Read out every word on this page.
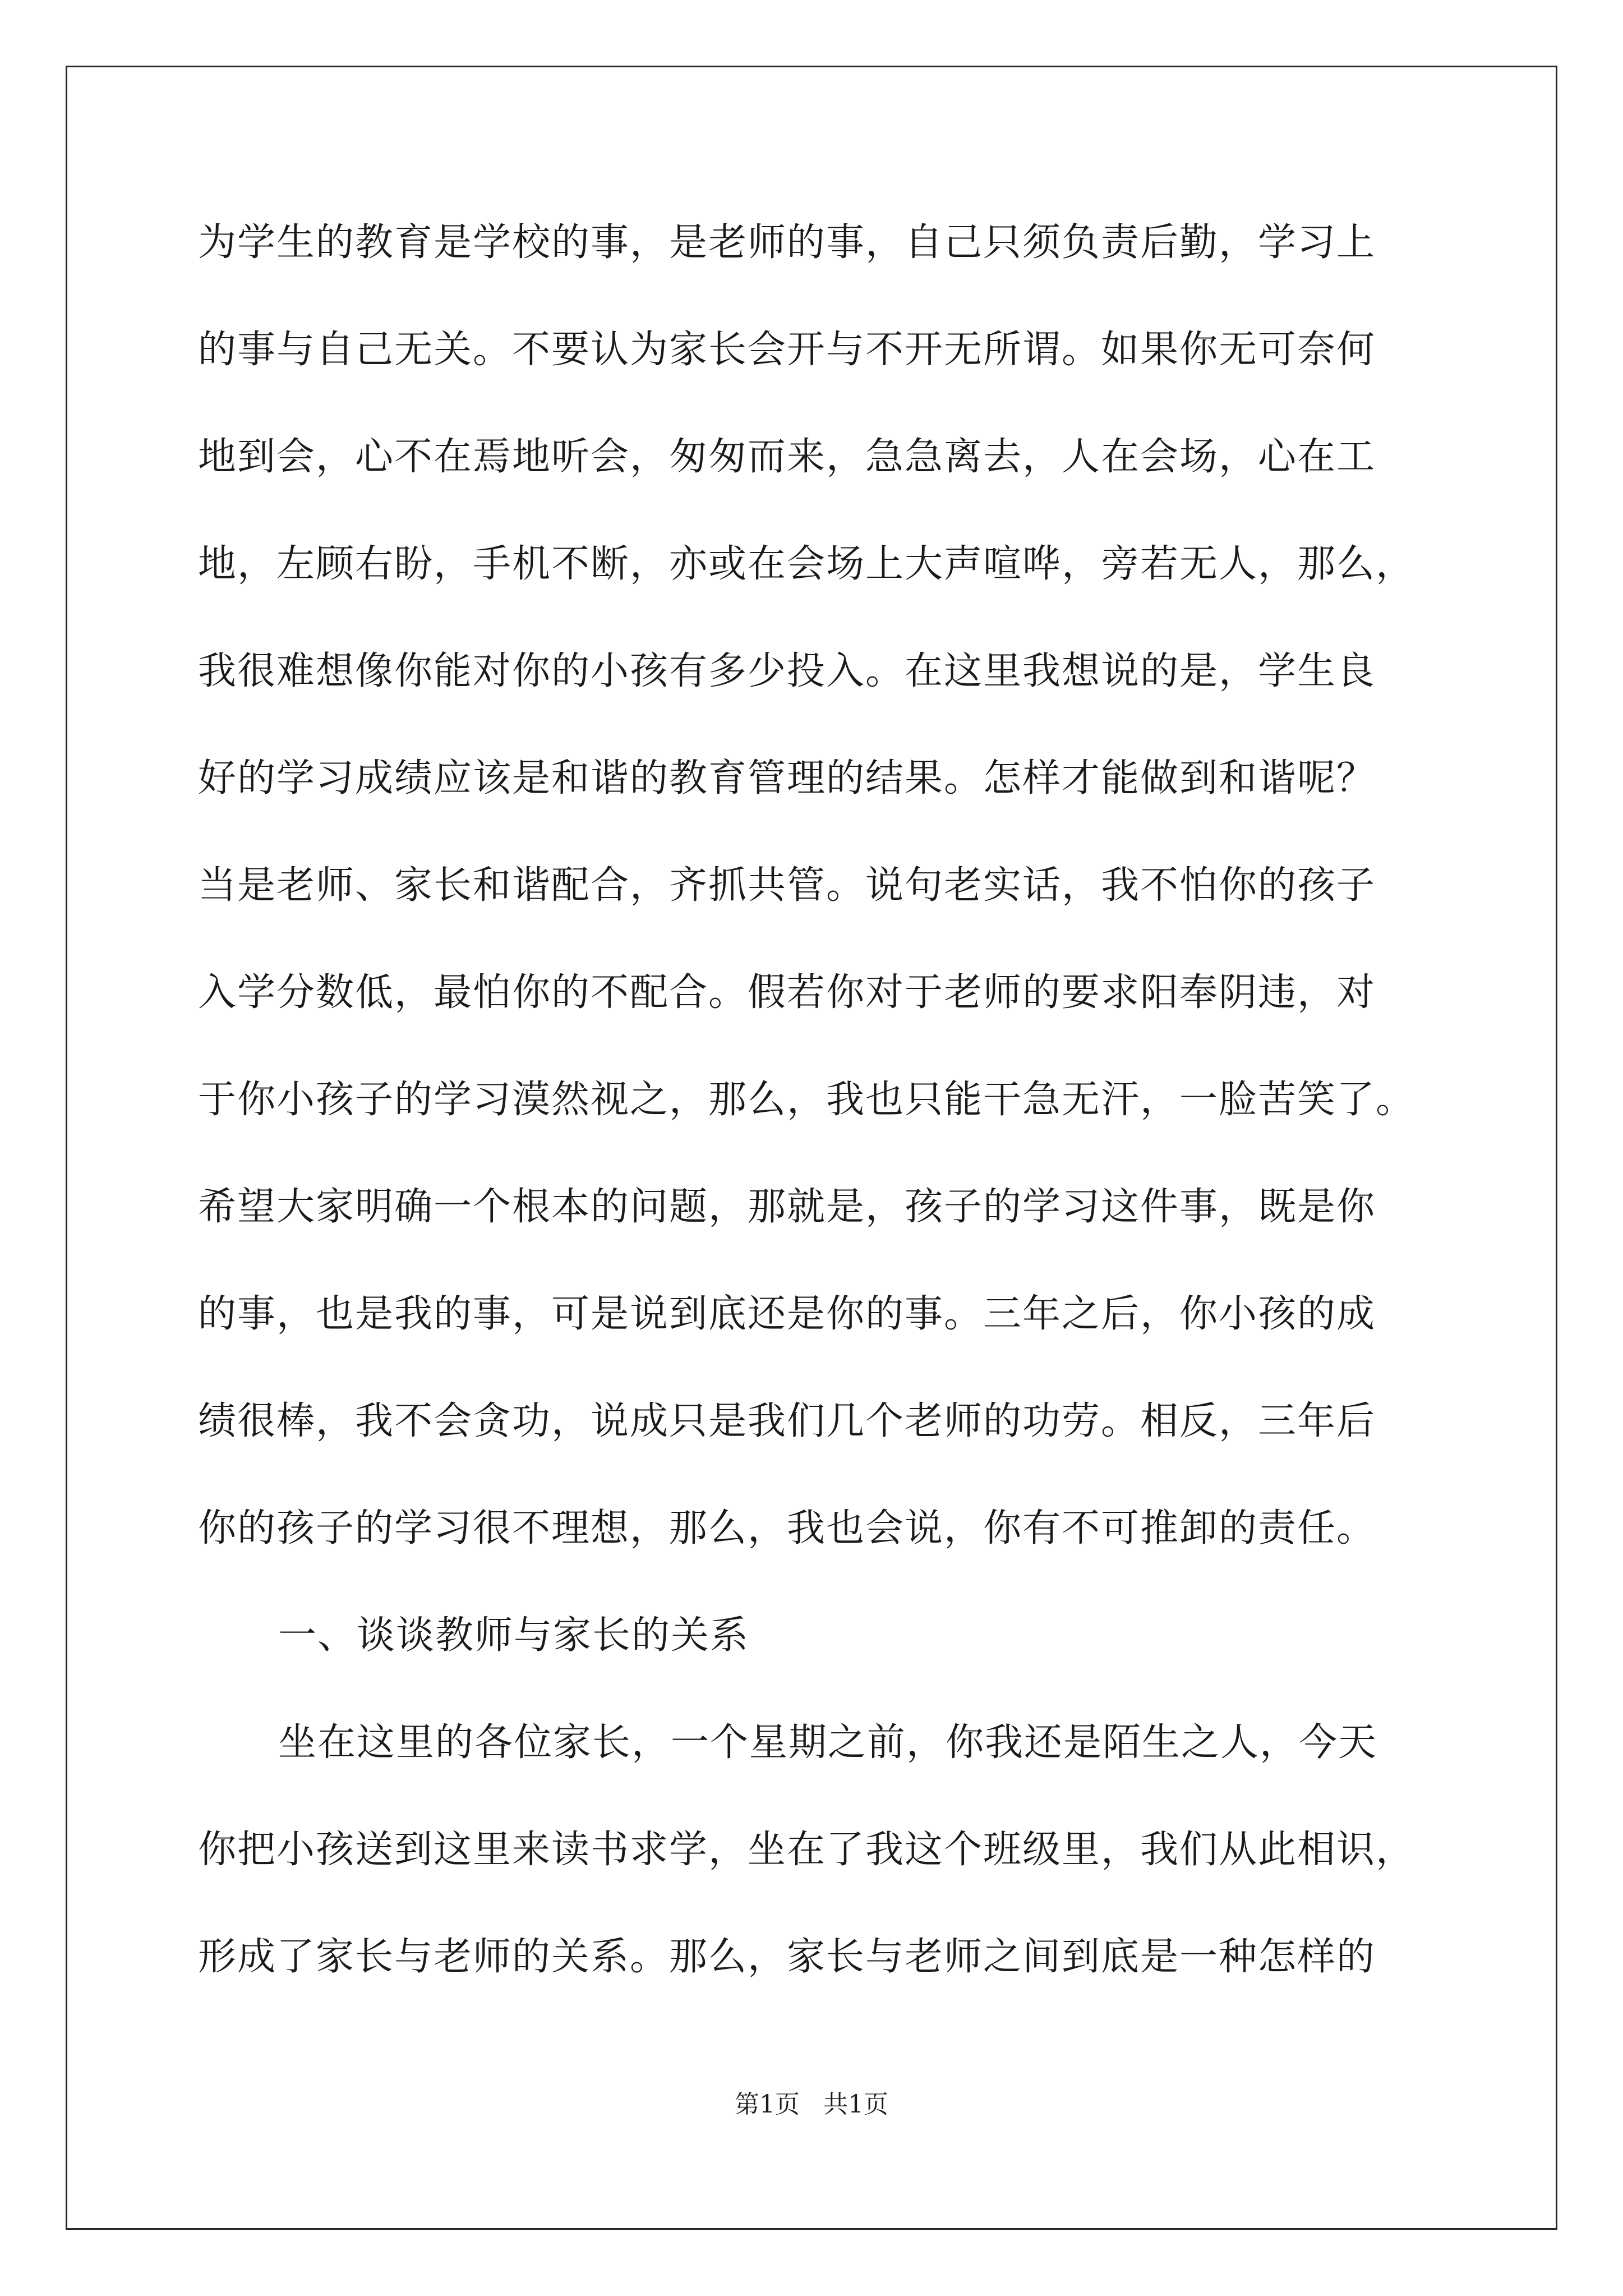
为学生的教育是学校的事，是老师的事，自己只须负责后勤，学习上

的事与自己无关。不要认为家长会开与不开无所谓。如果你无可奈何

地到会，心不在焉地听会，匆匆而来，急急离去，人在会场，心在工

地，左顾右盼，手机不断，亦或在会场上大声喧哗，旁若无人，那么，

我很难想像你能对你的小孩有多少投入。在这里我想说的是，学生良

好的学习成绩应该是和谐的教育管理的结果。怎样才能做到和谐呢？

当是老师、家长和谐配合，齐抓共管。说句老实话，我不怕你的孩子

入学分数低，最怕你的不配合。假若你对于老师的要求阳奉阴违，对

于你小孩子的学习漠然视之，那么，我也只能干急无汗，一脸苦笑了。

希望大家明确一个根本的问题，那就是，孩子的学习这件事，既是你

的事，也是我的事，可是说到底还是你的事。三年之后，你小孩的成

绩很棒，我不会贪功，说成只是我们几个老师的功劳。相反，三年后

你的孩子的学习很不理想，那么，我也会说，你有不可推卸的责任。

一、谈谈教师与家长的关系

坐在这里的各位家长，一个星期之前，你我还是陌生之人，今天

你把小孩送到这里来读书求学，坐在了我这个班级里，我们从此相识，

形成了家长与老师的关系。那么，家长与老师之间到底是一种怎样的

第1页   共1页
